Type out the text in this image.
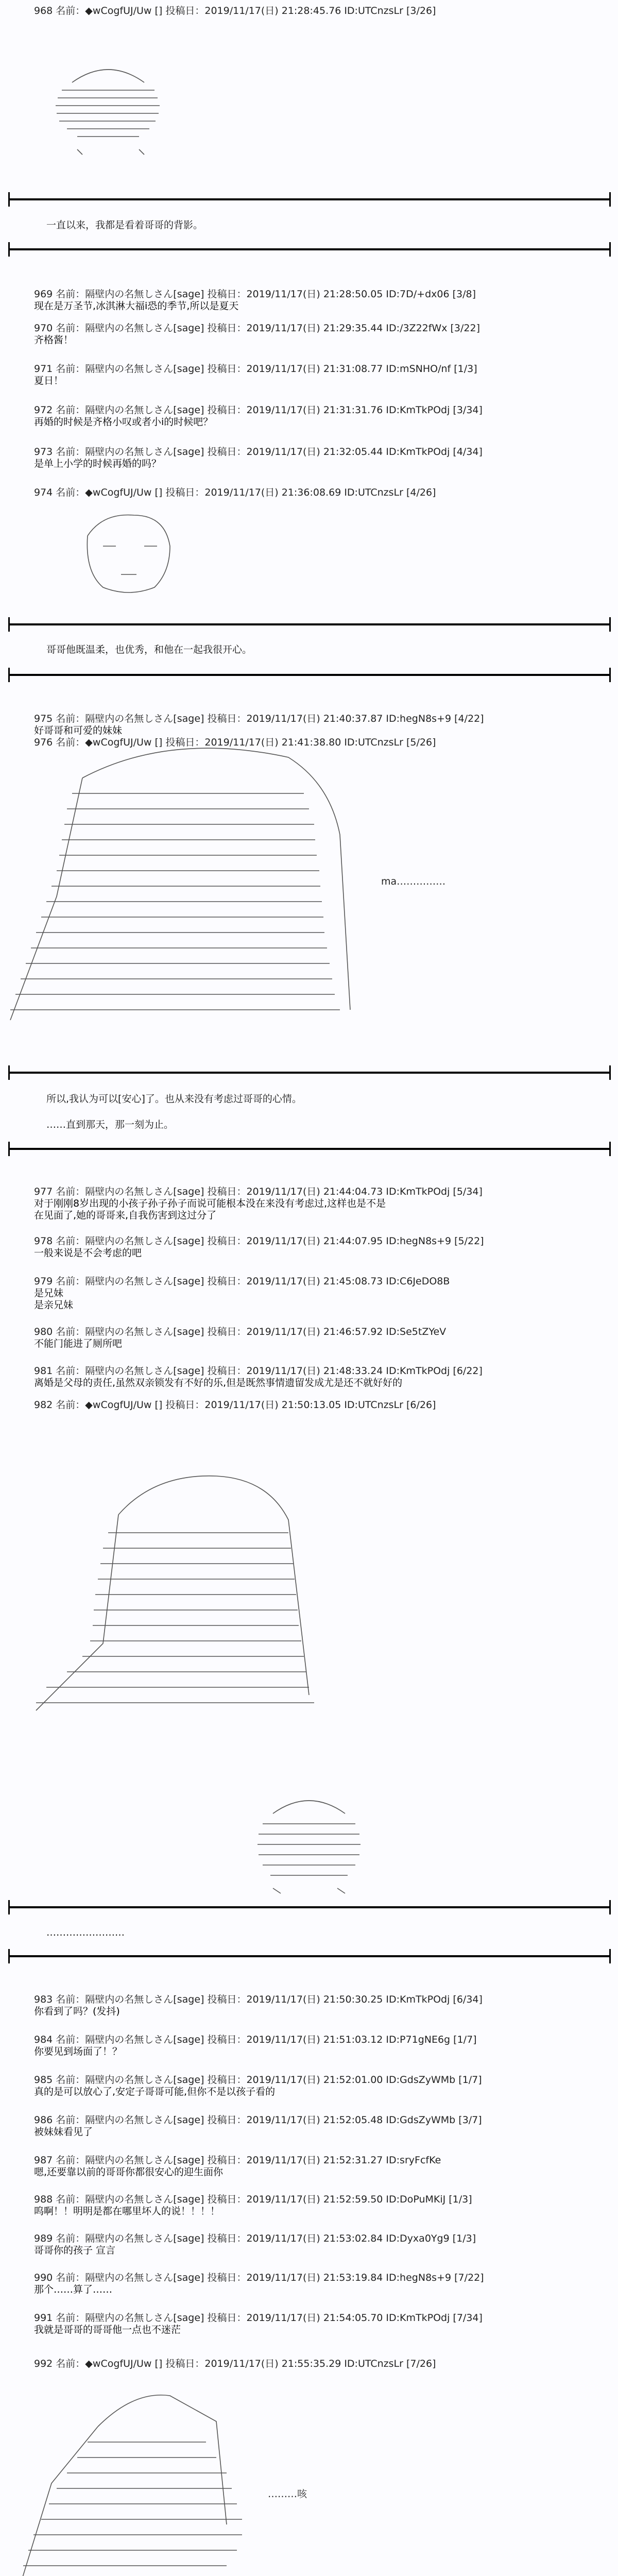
968 名前：◆wCogfUJ/Uw [] 投稿日：2019/11/17(日) 21:28:45.76 ID:UTCnzsLr [3/26]
一直以来，我都是看着哥哥的背影。
969 名前：隔壁内の名無しさん[sage] 投稿日：2019/11/17(日) 21:28:50.05 ID:7D/+dx06 [3/8]
现在是万圣节,冰淇淋大福i恐的季节,所以是夏天
970 名前：隔壁内の名無しさん[sage] 投稿日：2019/11/17(日) 21:29:35.44 ID:/3Z22fWx [3/22]
齐格酱！
971 名前：隔壁内の名無しさん[sage] 投稿日：2019/11/17(日) 21:31:08.77 ID:mSNHO/nf [1/3]
夏日！
972 名前：隔壁内の名無しさん[sage] 投稿日：2019/11/17(日) 21:31:31.76 ID:KmTkPOdj [3/34]
再婚的时候是齐格小叹或者小i的时候吧？
973 名前：隔壁内の名無しさん[sage] 投稿日：2019/11/17(日) 21:32:05.44 ID:KmTkPOdj [4/34]
是单上小学的时候再婚的吗？
974 名前：◆wCogfUJ/Uw [] 投稿日：2019/11/17(日) 21:36:08.69 ID:UTCnzsLr [4/26]
哥哥他既温柔，也优秀，和他在一起我很开心。
975 名前：隔壁内の名無しさん[sage] 投稿日：2019/11/17(日) 21:40:37.87 ID:hegN8s+9 [4/22]
好哥哥和可爱的妹妹
976 名前：◆wCogfUJ/Uw [] 投稿日：2019/11/17(日) 21:41:38.80 ID:UTCnzsLr [5/26]
ma……………
所以,我认为可以[安心]了。也从来没有考虑过哥哥的心情。
……直到那天，那一刻为止。
977 名前：隔壁内の名無しさん[sage] 投稿日：2019/11/17(日) 21:44:04.73 ID:KmTkPOdj [5/34]
对于刚刚8岁出现的小孩子孙子孙子而说可能根本没在来没有考虑过,这样也是不是
在见面了,她的哥哥来,自我伤害到这过分了
978 名前：隔壁内の名無しさん[sage] 投稿日：2019/11/17(日) 21:44:07.95 ID:hegN8s+9 [5/22]
一般来说是不会考虑的吧
979 名前：隔壁内の名無しさん[sage] 投稿日：2019/11/17(日) 21:45:08.73 ID:C6JeDO8B
是兄妹
是亲兄妹
980 名前：隔壁内の名無しさん[sage] 投稿日：2019/11/17(日) 21:46:57.92 ID:Se5tZYeV
不能门能进了厕所吧
981 名前：隔壁内の名無しさん[sage] 投稿日：2019/11/17(日) 21:48:33.24 ID:KmTkPOdj [6/22]
离婚是父母的责任,虽然双亲锁发有不好的乐,但是既然事情遗留发成尤是还不就好好的
982 名前：◆wCogfUJ/Uw [] 投稿日：2019/11/17(日) 21:50:13.05 ID:UTCnzsLr [6/26]
……………………
983 名前：隔壁内の名無しさん[sage] 投稿日：2019/11/17(日) 21:50:30.25 ID:KmTkPOdj [6/34]
你看到了吗？(发抖)
984 名前：隔壁内の名無しさん[sage] 投稿日：2019/11/17(日) 21:51:03.12 ID:P71gNE6g [1/7]
你要见到场面了！？
985 名前：隔壁内の名無しさん[sage] 投稿日：2019/11/17(日) 21:52:01.00 ID:GdsZyWMb [1/7]
真的是可以放心了,安定子哥哥可能,但你不是以孩子看的
986 名前：隔壁内の名無しさん[sage] 投稿日：2019/11/17(日) 21:52:05.48 ID:GdsZyWMb [3/7]
被妹妹看见了
987 名前：隔壁内の名無しさん[sage] 投稿日：2019/11/17(日) 21:52:31.27 ID:sryFcfKe
嗯,还要靠以前的哥哥你都很安心的迎生面你
988 名前：隔壁内の名無しさん[sage] 投稿日：2019/11/17(日) 21:52:59.50 ID:DoPuMKiJ [1/3]
呜啊！！明明是都在哪里坏人的说！！！！
989 名前：隔壁内の名無しさん[sage] 投稿日：2019/11/17(日) 21:53:02.84 ID:Dyxa0Yg9 [1/3]
哥哥你的孩子 宣言
990 名前：隔壁内の名無しさん[sage] 投稿日：2019/11/17(日) 21:53:19.84 ID:hegN8s+9 [7/22]
那个……算了……
991 名前：隔壁内の名無しさん[sage] 投稿日：2019/11/17(日) 21:54:05.70 ID:KmTkPOdj [7/34]
我就是哥哥的哥哥他一点也不迷茫
992 名前：◆wCogfUJ/Uw [] 投稿日：2019/11/17(日) 21:55:35.29 ID:UTCnzsLr [7/26]
………咳
